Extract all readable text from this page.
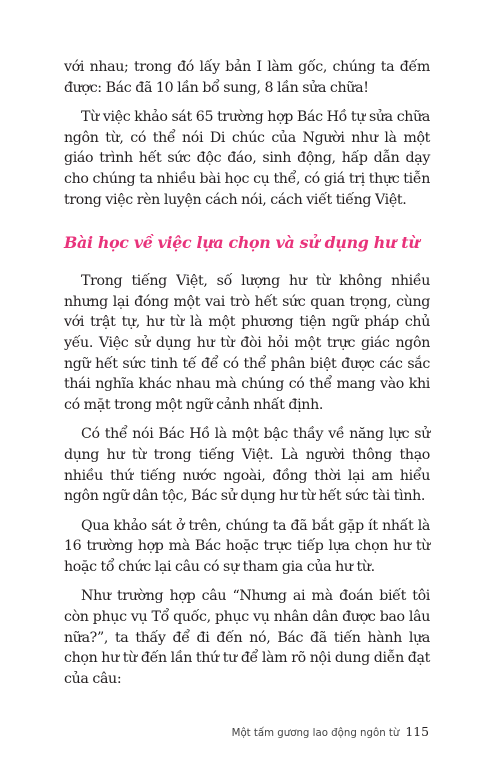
với nhau; trong đó lấy bản I làm gốc, chúng ta đếm được: Bác đã 10 lần bổ sung, 8 lần sửa chữa!

Từ việc khảo sát 65 trường hợp Bác Hồ tự sửa chữa ngôn từ, có thể nói Di chúc của Người như là một giáo trình hết sức độc đáo, sinh động, hấp dẫn dạy cho chúng ta nhiều bài học cụ thể, có giá trị thực tiễn trong việc rèn luyện cách nói, cách viết tiếng Việt.

Bài học về việc lựa chọn và sử dụng hư từ

Trong tiếng Việt, số lượng hư từ không nhiều nhưng lại đóng một vai trò hết sức quan trọng, cùng với trật tự, hư từ là một phương tiện ngữ pháp chủ yếu. Việc sử dụng hư từ đòi hỏi một trực giác ngôn ngữ hết sức tinh tế để có thể phân biệt được các sắc thái nghĩa khác nhau mà chúng có thể mang vào khi có mặt trong một ngữ cảnh nhất định.

Có thể nói Bác Hồ là một bậc thầy về năng lực sử dụng hư từ trong tiếng Việt. Là người thông thạo nhiều thứ tiếng nước ngoài, đồng thời lại am hiểu ngôn ngữ dân tộc, Bác sử dụng hư từ hết sức tài tình.

Qua khảo sát ở trên, chúng ta đã bắt gặp ít nhất là 16 trường hợp mà Bác hoặc trực tiếp lựa chọn hư từ hoặc tổ chức lại câu có sự tham gia của hư từ.

Như trường hợp câu “Nhưng ai mà đoán biết tôi còn phục vụ Tổ quốc, phục vụ nhân dân được bao lâu nữa?”, ta thấy để đi đến nó, Bác đã tiến hành lựa chọn hư từ đến lần thứ tư để làm rõ nội dung diễn đạt của câu:

Một tấm gương lao động ngôn từ 115
